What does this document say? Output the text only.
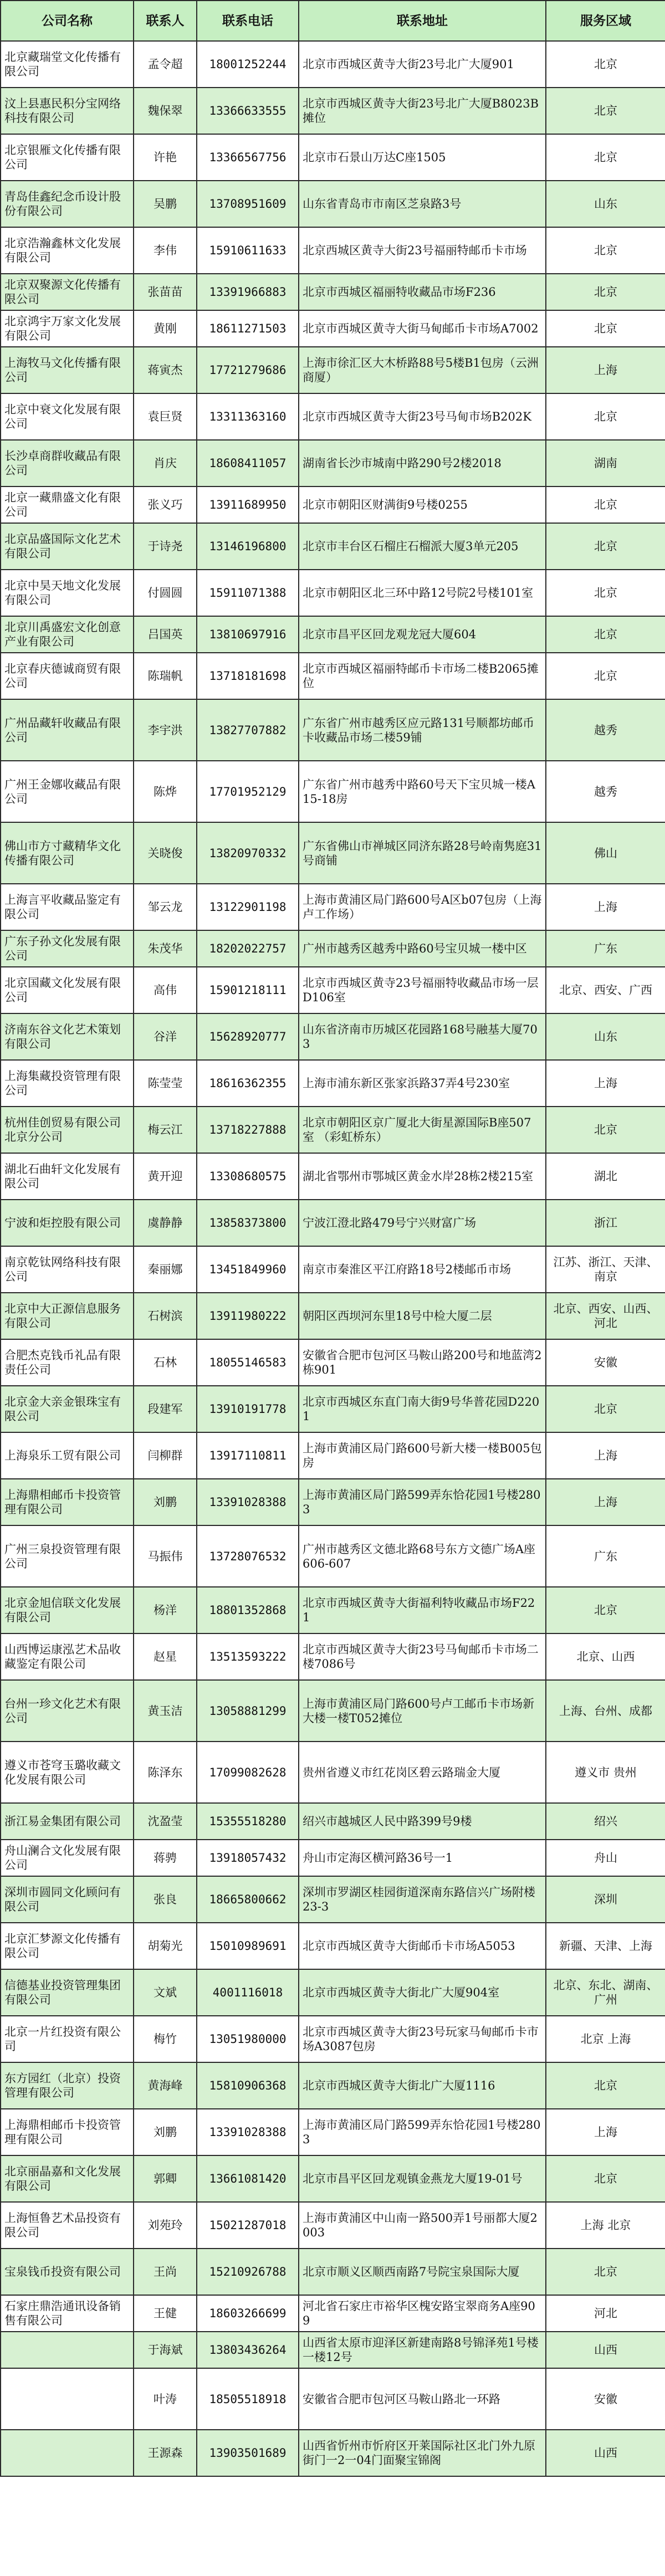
公司名称	联系人	联系电话	联系地址	服务区域
北京藏瑞堂文化传播有限公司	孟令超	18001252244	北京市西城区黄寺大街23号北广大厦901	北京
汶上县惠民积分宝网络科技有限公司	魏保翠	13366633555	北京市西城区黄寺大街23号北广大厦B8023B摊位	北京
北京银雁文化传播有限公司	许艳	13366567756	北京市石景山万达C座1505	北京
青岛佳鑫纪念币设计股份有限公司	吴鹏	13708951609	山东省青岛市市南区芝泉路3号	山东
北京浩瀚鑫林文化发展有限公司	李伟	15910611633	北京西城区黄寺大街23号福丽特邮币卡市场	北京
北京双聚源文化传播有限公司	张苗苗	13391966883	北京市西城区福丽特收藏品市场F236	北京
北京鸿宇万家文化发展有限公司	黄刚	18611271503	北京市西城区黄寺大街马甸邮币卡市场A7002	北京
上海牧马文化传播有限公司	蒋寅杰	17721279686	上海市徐汇区大木桥路88号5楼B1包房（云洲商厦）	上海
北京中衰文化发展有限公司	袁巨贤	13311363160	北京市西城区黄寺大街23号马甸市场B202K	北京
长沙卓商群收藏品有限公司	肖庆	18608411057	湖南省长沙市城南中路290号2楼2018	湖南
北京一藏鼎盛文化有限公司	张义巧	13911689950	北京市朝阳区财满街9号楼0255	北京
北京品盛国际文化艺术有限公司	于诗尧	13146196800	北京市丰台区石榴庄石榴派大厦3单元205	北京
北京中昊天地文化发展有限公司	付圆圆	15911071388	北京市朝阳区北三环中路12号院2号楼101室	北京
北京川禹盛宏文化创意产业有限公司	吕国英	13810697916	北京市昌平区回龙观龙冠大厦604	北京
北京春庆德诚商贸有限公司	陈瑞帆	13718181698	北京市西城区福丽特邮币卡市场二楼B2065摊位	北京
广州品藏轩收藏品有限公司	李宇洪	13827707882	广东省广州市越秀区应元路131号顺都坊邮币卡收藏品市场二楼59铺	越秀
广州王金娜收藏品有限公司	陈烨	17701952129	广东省广州市越秀中路60号天下宝贝城一楼A15-18房	越秀
佛山市方寸藏精华文化传播有限公司	关晓俊	13820970332	广东省佛山市禅城区同济东路28号岭南隽庭31号商铺	佛山
上海言平收藏品鉴定有限公司	邹云龙	13122901198	上海市黄浦区局门路600号A区b07包房（上海卢工作场）	上海
广东子孙文化发展有限公司	朱茂华	18202022757	广州市越秀区越秀中路60号宝贝城一楼中区	广东
北京国藏文化发展有限公司	高伟	15901218111	北京市西城区黄寺23号福丽特收藏品市场一层D106室	北京、西安、广西
济南东谷文化艺术策划有限公司	谷洋	15628920777	山东省济南市历城区花园路168号融基大厦703	山东
上海集藏投资管理有限公司	陈莹莹	18616362355	上海市浦东新区张家浜路37弄4号230室	上海
杭州佳创贸易有限公司北京分公司	梅云江	13718227888	北京市朝阳区京广厦北大街星源国际B座507室 （彩虹桥东）	北京
湖北石曲轩文化发展有限公司	黄开迎	13308680575	湖北省鄂州市鄂城区黄金水岸28栋2楼215室	湖北
宁波和炬控股有限公司	虞静静	13858373800	宁波江澄北路479号宁兴财富广场	浙江
南京乾钛网络科技有限公司	秦丽娜	13451849960	南京市秦淮区平江府路18号2楼邮币市场	江苏、浙江、天津、南京
北京中大正源信息服务有限公司	石树滨	13911980222	朝阳区西坝河东里18号中检大厦二层	北京、西安、山西、河北
合肥杰克钱币礼品有限责任公司	石林	18055146583	安徽省合肥市包河区马鞍山路200号和地蓝湾2栋901	安徽
北京金大亲金银珠宝有限公司	段建军	13910191778	北京市西城区东直门南大街9号华普花园D2201	北京
上海泉乐工贸有限公司	闫柳群	13917110811	上海市黄浦区局门路600号新大楼一楼B005包房	上海
上海鼎相邮币卡投资管理有限公司	刘鹏	13391028388	上海市黄浦区局门路599弄东恰花园1号楼2803	上海
广州三泉投资管理有限公司	马振伟	13728076532	广州市越秀区文德北路68号东方文德广场A座606-607	广东
北京金旭信联文化发展有限公司	杨洋	18801352868	北京市西城区黄寺大街福利特收藏品市场F221	北京
山西博运康泓艺术品收藏鉴定有限公司	赵星	13513593222	北京市西城区黄寺大街23号马甸邮币卡市场二楼7086号	北京、山西
台州一珍文化艺术有限公司	黄玉洁	13058881299	上海市黄浦区局门路600号卢工邮币卡市场新大楼一楼T052摊位	上海、台州、成都
遵义市苍穹玉璐收藏文化发展有限公司	陈泽东	17099082628	贵州省遵义市红花岗区碧云路瑞金大厦	遵义市 贵州
浙江易金集团有限公司	沈盈莹	15355518280	绍兴市越城区人民中路399号9楼	绍兴
舟山澜合文化发展有限公司	蒋骋	13918057432	舟山市定海区横河路36号一1	舟山
深圳市圆同文化顾问有限公司	张良	18665800662	深圳市罗湖区桂园街道深南东路信兴广场附楼23-3	深圳
北京汇梦源文化传播有限公司	胡菊光	15010989691	北京市西城区黄寺大街邮币卡市场A5053	新疆、天津、上海
信德基业投资管理集团有限公司	文斌	4001116018	北京市西城区黄寺大街北广大厦904室	北京、东北、湖南、广州
北京一片红投资有限公司	梅竹	13051980000	北京市西城区黄寺大街23号玩家马甸邮币卡市场A3087包房	北京 上海
东方园红（北京）投资管理有限公司	黄海峰	15810906368	北京市西城区黄寺大街北广大厦1116	北京
上海鼎相邮币卡投资管理有限公司	刘鹏	13391028388	上海市黄浦区局门路599弄东恰花园1号楼2803	上海
北京丽晶嘉和文化发展有限公司	郭卿	13661081420	北京市昌平区回龙观镇金燕龙大厦19-01号	北京
上海恒鲁艺术品投资有限公司	刘苑玲	15021287018	上海市黄浦区中山南一路500弄1号丽都大厦2003	上海 北京
宝泉钱币投资有限公司	王尚	15210926788	北京市顺义区顺西南路7号院宝泉国际大厦	北京
石家庄鼎浩通讯设备销售有限公司	王健	18603266699	河北省石家庄市裕华区槐安路宝翠商务A座909	河北
	于海斌	13803436264	山西省太原市迎泽区新建南路8号锦泽苑1号楼一楼12号	山西
	叶涛	18505518918	安徽省合肥市包河区马鞍山路北一环路	安徽
	王源森	13903501689	山西省忻州市忻府区开莱国际社区北门外九原街门一2一04门面聚宝锦阁	山西
